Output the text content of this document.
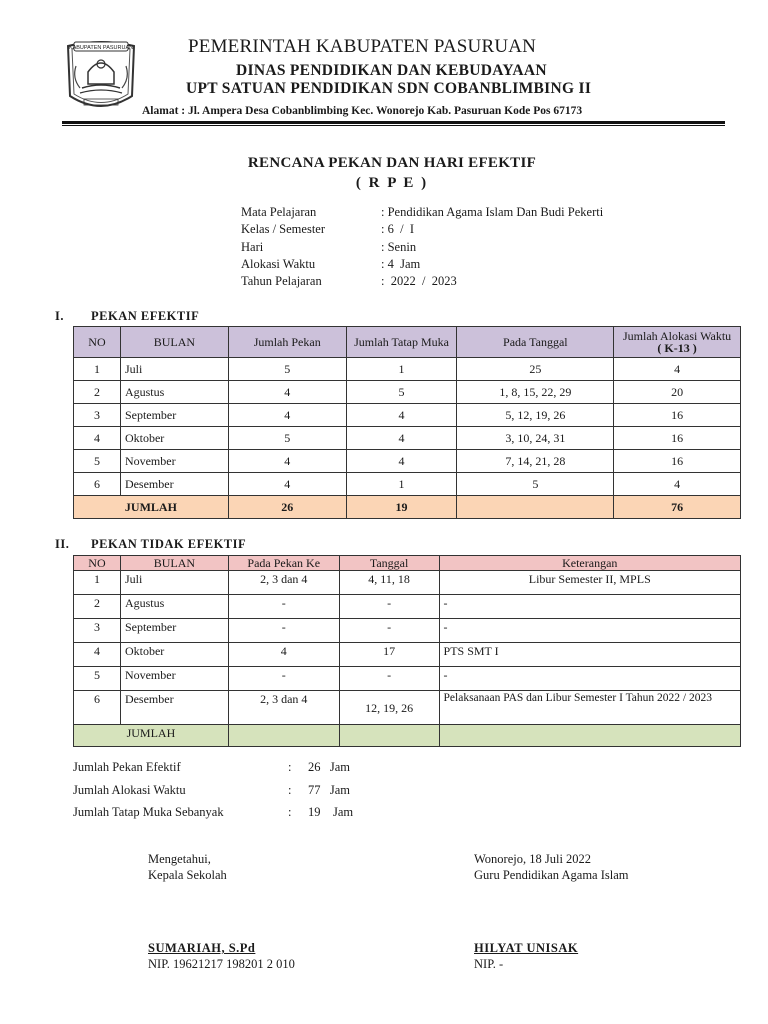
KABUPATEN PASURUAN	PEMERINTAH KABUPATEN PASURUAN
DINAS PENDIDIKAN DAN KEBUDAYAAN
UPT SATUAN PENDIDIKAN SDN COBANBLIMBING II
Alamat : Jl. Ampera Desa Cobanblimbing Kec. Wonorejo Kab. Pasuruan Kode Pos 67173
RENCANA PEKAN DAN HARI EFEKTIF
( R P E )
Mata Pelajaran	: Pendidikan Agama Islam Dan Budi Pekerti
Kelas / Semester	: 6  /  I
Hari	: Senin
Alokasi Waktu	: 4  Jam
Tahun Pelajaran	:  2022  /  2023
I. PEKAN EFEKTIF
NO	BULAN	Jumlah Pekan	Jumlah Tatap Muka	Pada Tanggal	Jumlah Alokasi Waktu
( K-13 )
1	Juli	5	1	25	4
2	Agustus	4	5	1, 8, 15, 22, 29	20
3	September	4	4	5, 12, 19, 26	16
4	Oktober	5	4	3, 10, 24, 31	16
5	November	4	4	7, 14, 21, 28	16
6	Desember	4	1	5	4
JUMLAH		26	19		76
II. PEKAN TIDAK EFEKTIF
NO	BULAN	Pada Pekan Ke	Tanggal	Keterangan
1	Juli	2, 3 dan 4	4, 11, 18	Libur Semester II, MPLS
2	Agustus	-	-	-
3	September	-	-	-
4	Oktober	4	17	PTS SMT I
5	November	-	-	-
6	Desember	2, 3 dan 4	12, 19, 26	Pelaksanaan PAS dan Libur Semester I Tahun 2022 / 2023
JUMLAH				
Jumlah Pekan Efektif	:	26   Jam
Jumlah Alokasi Waktu	:	77   Jam
Jumlah Tatap Muka Sebanyak	:	19    Jam
Mengetahui,
Kepala Sekolah
SUMARIAH, S.Pd
NIP. 19621217 198201 2 010
Wonorejo, 18 Juli 2022
Guru Pendidikan Agama Islam
HILYAT UNISAK
NIP. -
